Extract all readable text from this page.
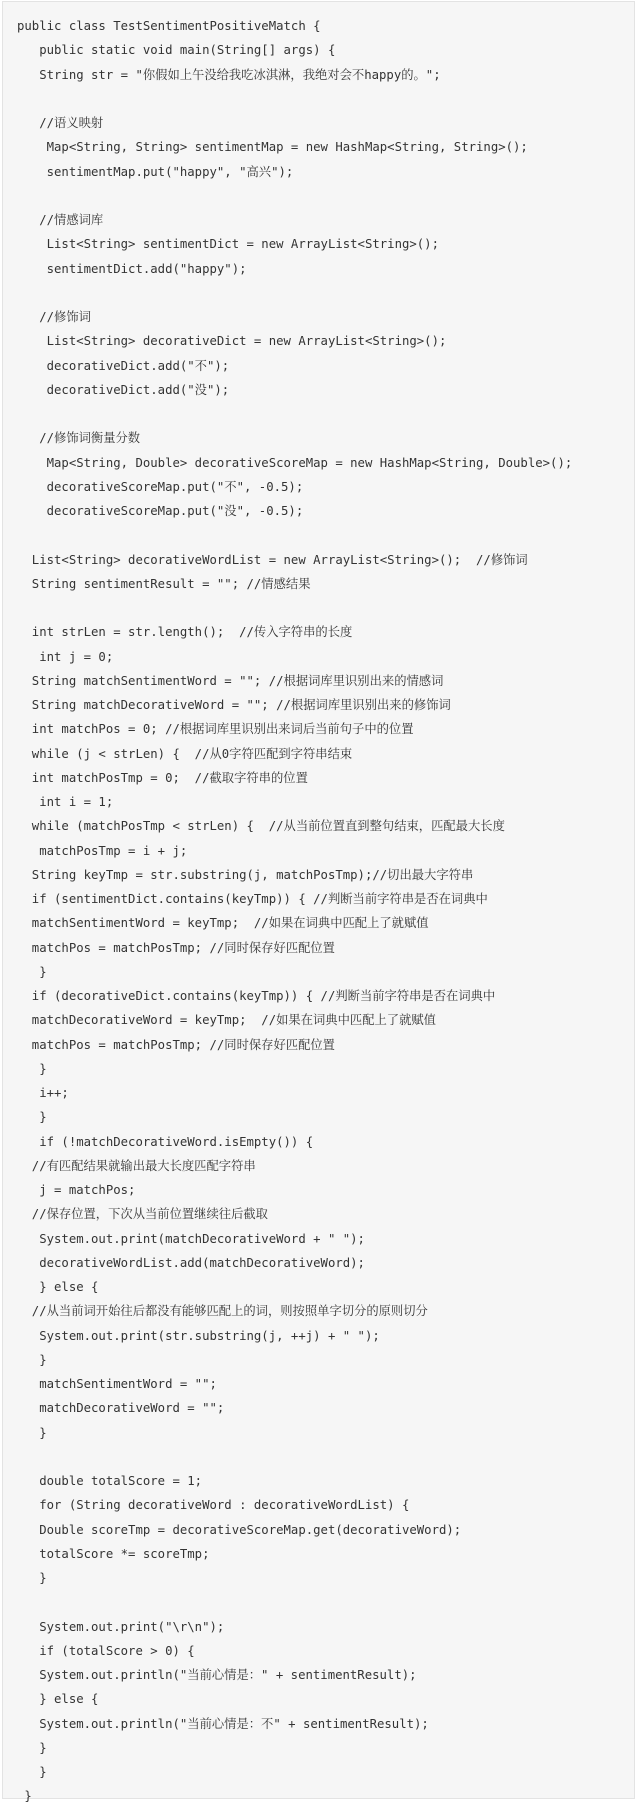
public class TestSentimentPositiveMatch {
public static void main(String[] args) {
String str = "你假如上午没给我吃冰淇淋，我绝对会不happy的。";
//语义映射
Map<String, String> sentimentMap = new HashMap<String, String>();
sentimentMap.put("happy", "高兴");
//情感词库
List<String> sentimentDict = new ArrayList<String>();
sentimentDict.add("happy");
//修饰词
List<String> decorativeDict = new ArrayList<String>();
decorativeDict.add("不");
decorativeDict.add("没");
//修饰词衡量分数
Map<String, Double> decorativeScoreMap = new HashMap<String, Double>();
decorativeScoreMap.put("不", -0.5);
decorativeScoreMap.put("没", -0.5);
List<String> decorativeWordList = new ArrayList<String>();  //修饰词
String sentimentResult = ""; //情感结果
int strLen = str.length();  //传入字符串的长度
int j = 0;
String matchSentimentWord = ""; //根据词库里识别出来的情感词
String matchDecorativeWord = ""; //根据词库里识别出来的修饰词
int matchPos = 0; //根据词库里识别出来词后当前句子中的位置
while (j < strLen) {  //从0字符匹配到字符串结束
int matchPosTmp = 0;  //截取字符串的位置
int i = 1;
while (matchPosTmp < strLen) {  //从当前位置直到整句结束，匹配最大长度
matchPosTmp = i + j;
String keyTmp = str.substring(j, matchPosTmp);//切出最大字符串
if (sentimentDict.contains(keyTmp)) { //判断当前字符串是否在词典中
matchSentimentWord = keyTmp;  //如果在词典中匹配上了就赋值
matchPos = matchPosTmp; //同时保存好匹配位置
}
if (decorativeDict.contains(keyTmp)) { //判断当前字符串是否在词典中
matchDecorativeWord = keyTmp;  //如果在词典中匹配上了就赋值
matchPos = matchPosTmp; //同时保存好匹配位置
}
i++;
}
if (!matchDecorativeWord.isEmpty()) {
//有匹配结果就输出最大长度匹配字符串
j = matchPos;
//保存位置，下次从当前位置继续往后截取
System.out.print(matchDecorativeWord + " ");
decorativeWordList.add(matchDecorativeWord);
} else {
//从当前词开始往后都没有能够匹配上的词，则按照单字切分的原则切分
System.out.print(str.substring(j, ++j) + " ");
}
matchSentimentWord = "";
matchDecorativeWord = "";
}
double totalScore = 1;
for (String decorativeWord : decorativeWordList) {
Double scoreTmp = decorativeScoreMap.get(decorativeWord);
totalScore *= scoreTmp;
}
System.out.print("\r\n");
if (totalScore > 0) {
System.out.println("当前心情是：" + sentimentResult);
} else {
System.out.println("当前心情是：不" + sentimentResult);
}
}
}
